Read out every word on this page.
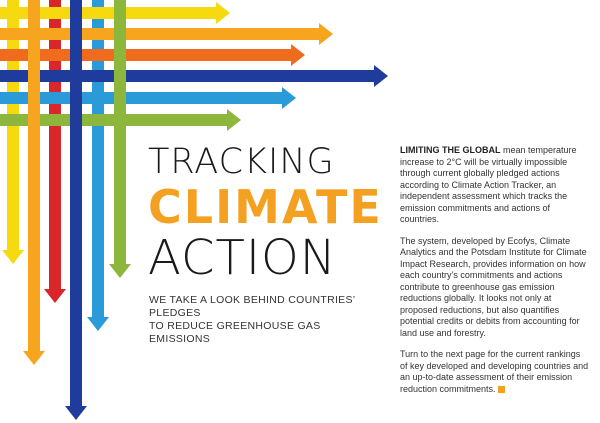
TRACKING
CLIMATE
ACTION
WE TAKE A LOOK BEHIND COUNTRIES’ PLEDGES
TO REDUCE GREENHOUSE GAS EMISSIONS

LIMITING THE GLOBAL mean temperature increase to 2°C will be virtually impossible through current globally pledged actions according to Climate Action Tracker, an independent assessment which tracks the emission commitments and actions of countries.

The system, developed by Ecofys, Climate Analytics and the Potsdam Institute for Climate Impact Research, provides information on how each country’s commitments and actions contribute to greenhouse gas emission reductions globally. It looks not only at proposed reductions, but also quantifies potential credits or debits from accounting for land use and forestry.

Turn to the next page for the current rankings of key developed and developing countries and an up-to-date assessment of their emission reduction commitments.
